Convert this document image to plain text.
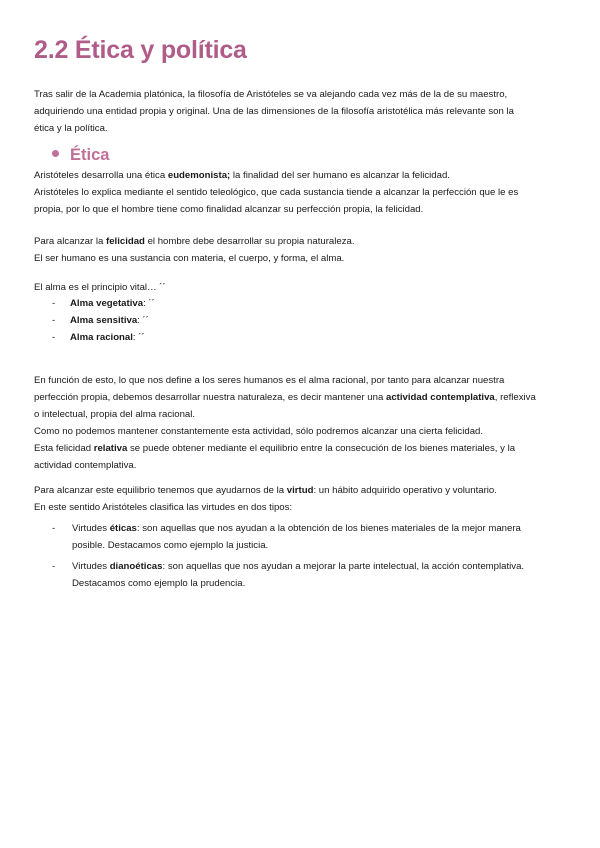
2.2 Ética y política

Tras salir de la Academia platónica, la filosofía de Aristóteles se va alejando cada vez más de la de su maestro,
adquiriendo una entidad propia y original. Una de las dimensiones de la filosofía aristotélica más relevante son la
ética y la política.

Ética

Aristóteles desarrolla una ética eudemonista; la finalidad del ser humano es alcanzar la felicidad.
Aristóteles lo explica mediante el sentido teleológico, que cada sustancia tiende a alcanzar la perfección que le es
propia, por lo que el hombre tiene como finalidad alcanzar su perfección propia, la felicidad.

Para alcanzar la felicidad el hombre debe desarrollar su propia naturaleza.
El ser humano es una sustancia con materia, el cuerpo, y forma, el alma.

El alma es el principio vital… ´´

- Alma vegetativa: ´´
- Alma sensitiva: ´´
- Alma racional: ´´

En función de esto, lo que nos define a los seres humanos es el alma racional, por tanto para alcanzar nuestra
perfección propia, debemos desarrollar nuestra naturaleza, es decir mantener una actividad contemplativa, reflexiva
o intelectual, propia del alma racional.
Como no podemos mantener constantemente esta actividad, sólo podremos alcanzar una cierta felicidad.
Esta felicidad relativa se puede obtener mediante el equilibrio entre la consecución de los bienes materiales, y la
actividad contemplativa.

Para alcanzar este equilibrio tenemos que ayudarnos de la virtud: un hábito adquirido operativo y voluntario.
En este sentido Aristóteles clasifica las virtudes en dos tipos:

-	Virtudes éticas: son aquellas que nos ayudan a la obtención de los bienes materiales de la mejor manera
posible. Destacamos como ejemplo la justicia.
-	Virtudes dianoéticas: son aquellas que nos ayudan a mejorar la parte intelectual, la acción contemplativa.
Destacamos como ejemplo la prudencia.
